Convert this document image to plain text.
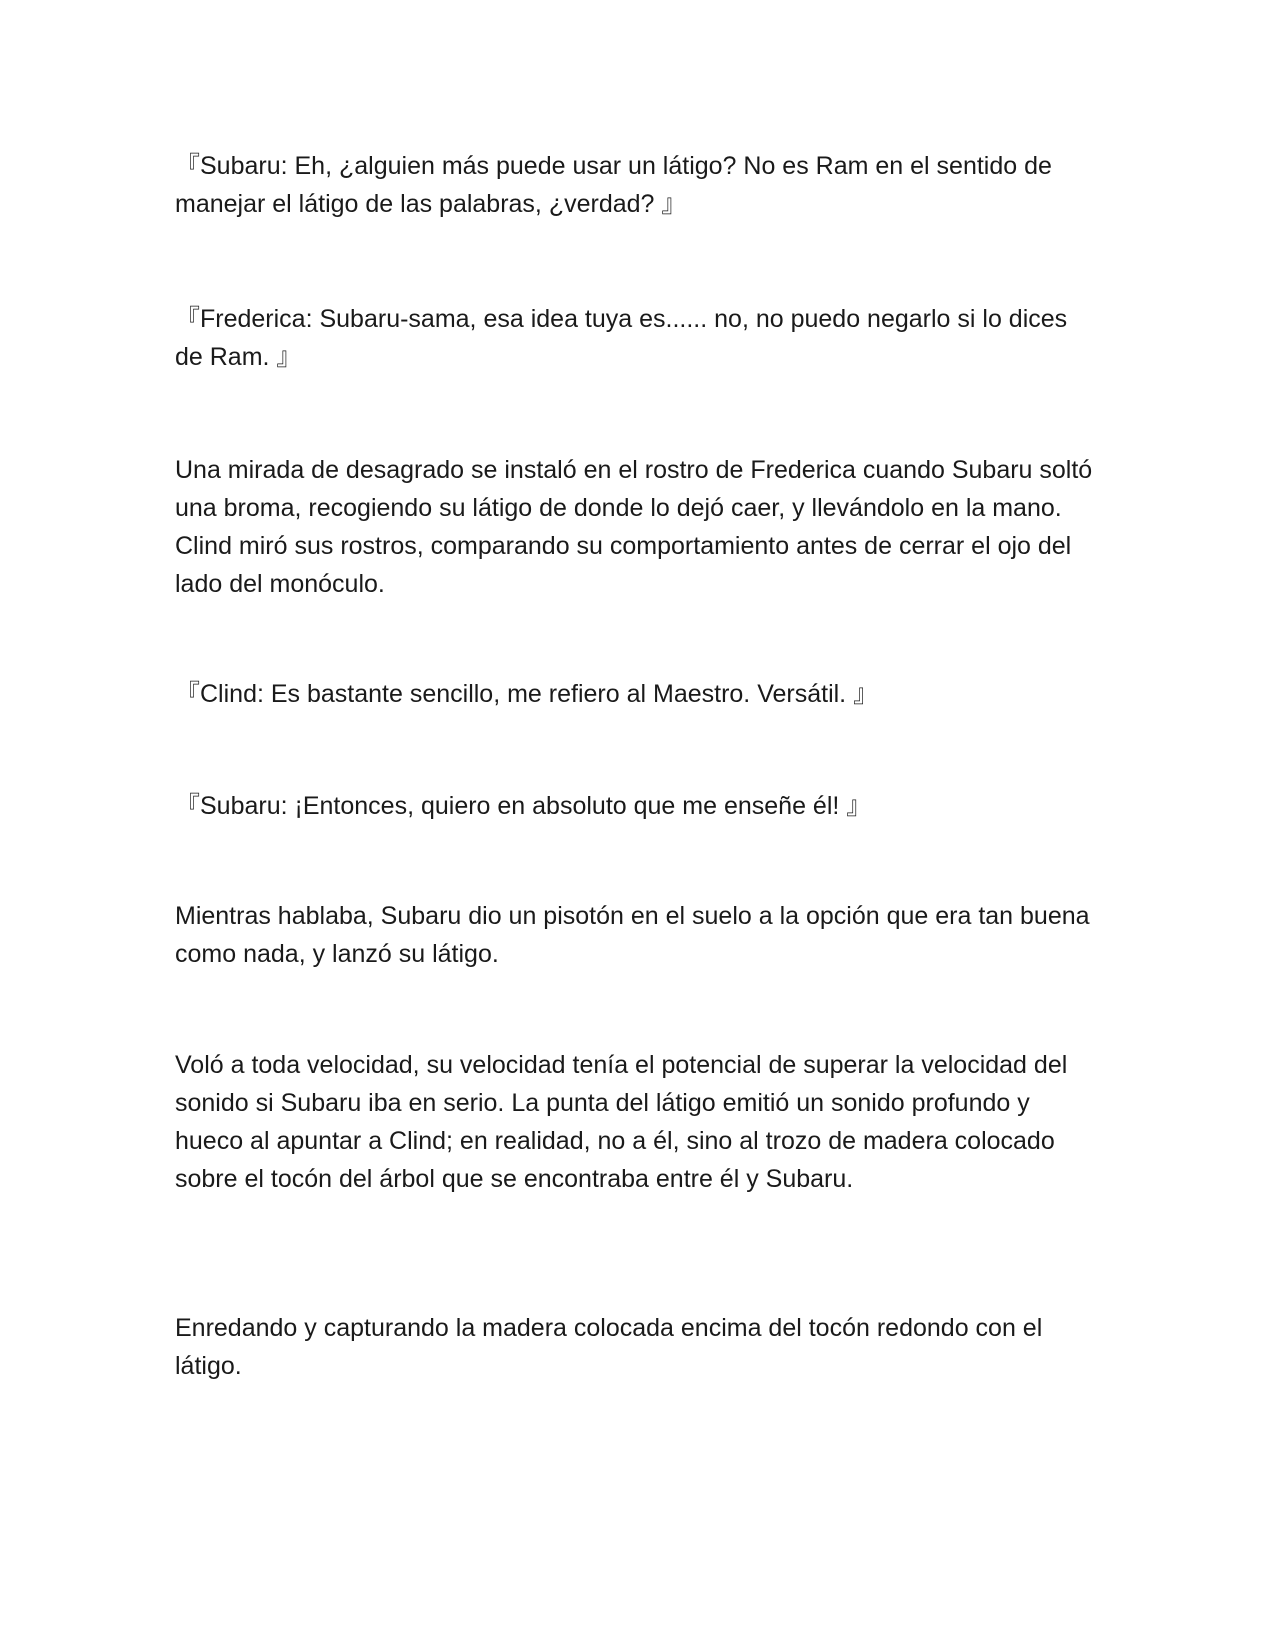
『Subaru: Eh, ¿alguien más puede usar un látigo? No es Ram en el sentido de manejar el látigo de las palabras, ¿verdad? 』

『Frederica: Subaru-sama, esa idea tuya es...... no, no puedo negarlo si lo dices de Ram. 』

Una mirada de desagrado se instaló en el rostro de Frederica cuando Subaru soltó una broma, recogiendo su látigo de donde lo dejó caer, y llevándolo en la mano. Clind miró sus rostros, comparando su comportamiento antes de cerrar el ojo del lado del monóculo.

『Clind: Es bastante sencillo, me refiero al Maestro. Versátil. 』

『Subaru: ¡Entonces, quiero en absoluto que me enseñe él! 』

Mientras hablaba, Subaru dio un pisotón en el suelo a la opción que era tan buena como nada, y lanzó su látigo.

Voló a toda velocidad, su velocidad tenía el potencial de superar la velocidad del sonido si Subaru iba en serio. La punta del látigo emitió un sonido profundo y hueco al apuntar a Clind; en realidad, no a él, sino al trozo de madera colocado sobre el tocón del árbol que se encontraba entre él y Subaru.

Enredando y capturando la madera colocada encima del tocón redondo con el látigo.
